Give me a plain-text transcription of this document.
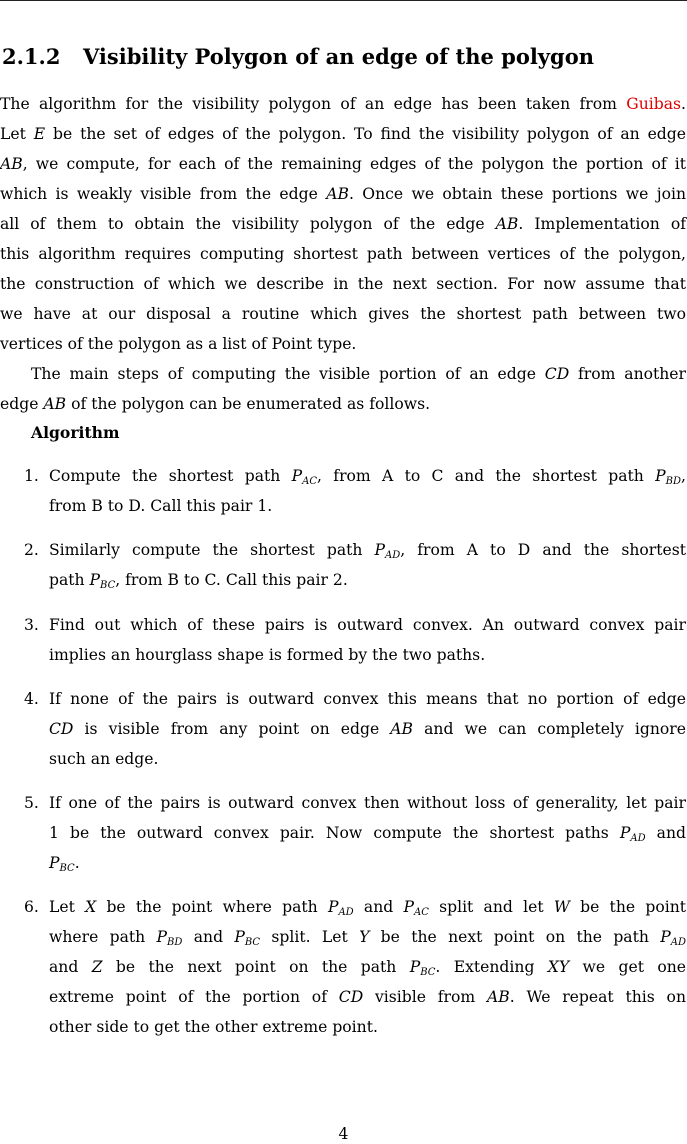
2.1.2 Visibility Polygon of an edge of the polygon
The algorithm for the visibility polygon of an edge has been taken from Guibas.
Let E be the set of edges of the polygon. To find the visibility polygon of an edge
AB, we compute, for each of the remaining edges of the polygon the portion of it
which is weakly visible from the edge AB. Once we obtain these portions we join
all of them to obtain the visibility polygon of the edge AB. Implementation of
this algorithm requires computing shortest path between vertices of the polygon,
the construction of which we describe in the next section. For now assume that
we have at our disposal a routine which gives the shortest path between two
vertices of the polygon as a list of Point type.
The main steps of computing the visible portion of an edge CD from another
edge AB of the polygon can be enumerated as follows.
Algorithm
1. Compute the shortest path $P_{AC}$, from A to C and the shortest path $P_{BD}$,
from B to D. Call this pair 1.
2. Similarly compute the shortest path $P_{AD}$, from A to D and the shortest
path $P_{BC}$, from B to C. Call this pair 2.
3. Find out which of these pairs is outward convex. An outward convex pair
implies an hourglass shape is formed by the two paths.
4. If none of the pairs is outward convex this means that no portion of edge
CD is visible from any point on edge AB and we can completely ignore
such an edge.
5. If one of the pairs is outward convex then without loss of generality, let pair
1 be the outward convex pair. Now compute the shortest paths $P_{AD}$ and
$P_{BC}$.
6. Let X be the point where path $P_{AD}$ and $P_{AC}$ split and let W be the point
where path $P_{BD}$ and $P_{BC}$ split. Let Y be the next point on the path $P_{AD}$
and Z be the next point on the path $P_{BC}$. Extending XY we get one
extreme point of the portion of CD visible from AB. We repeat this on
other side to get the other extreme point.
4
